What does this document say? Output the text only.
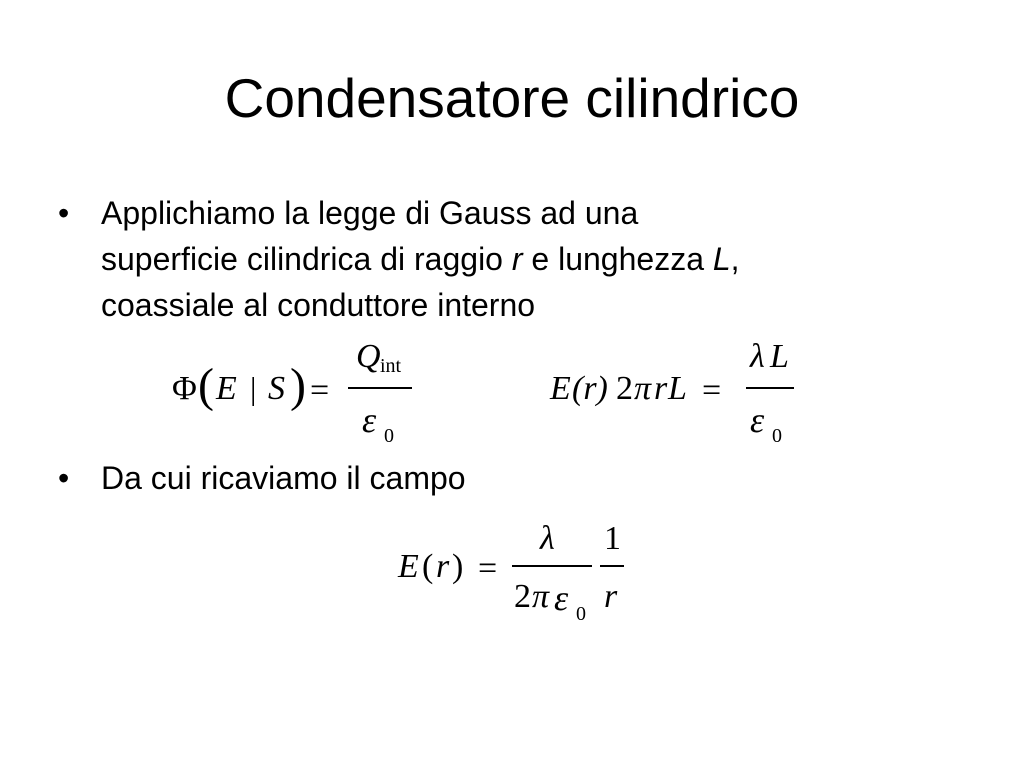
Condensatore cilindrico
• Applichiamo la legge di Gauss ad una
superficie cilindrica di raggio r e lunghezza L,
coassiale al conduttore interno
Φ ( E | S ) =
Q int
ε 0
E (r) 2 π r L =
λ L
ε 0
• Da cui ricaviamo il campo
E ( r ) =
λ
2 π ε 0
1
r
